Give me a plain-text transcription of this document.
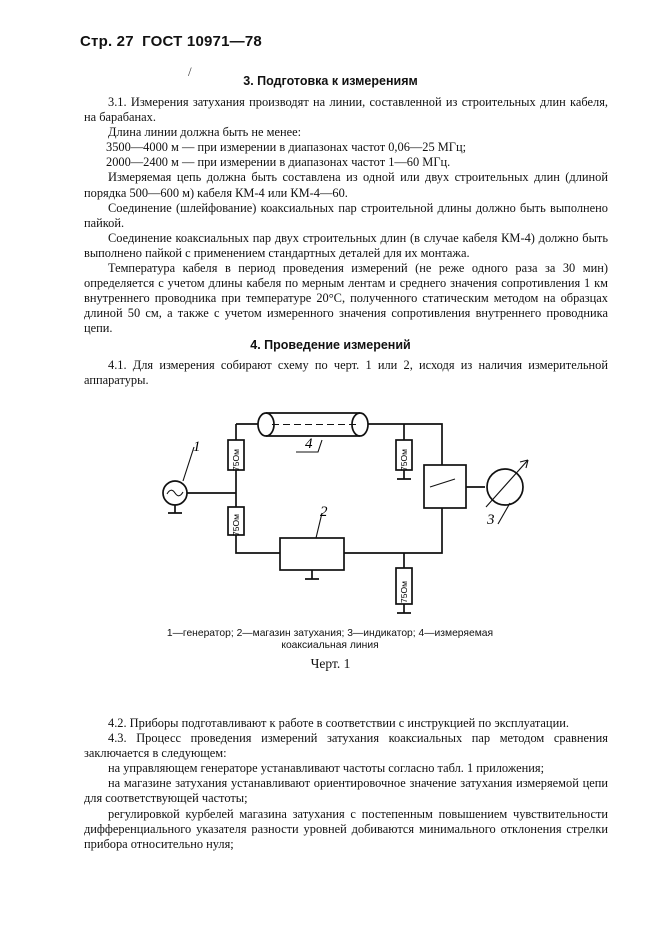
Стр. 27 ГОСТ 10971—78
/
3. Подготовка к измерениям

3.1. Измерения затухания производят на линии, составленной из строительных длин кабеля, на барабанах.

Длина линии должна быть не менее:

3500—4000 м — при измерении в диапазонах частот 0,06—25 МГц;

2000—2400 м — при измерении в диапазонах частот 1—60 МГц.

Измеряемая цепь должна быть составлена из одной или двух строительных длин (длиной порядка 500—600 м) кабеля КМ-4 или КМ-4—60.

Соединение (шлейфование) коаксиальных пар строительной длины должно быть выполнено пайкой.

Соединение коаксиальных пар двух строительных длин (в случае кабеля КМ-4) должно быть выполнено пайкой с применением стандартных деталей для их монтажа.

Температура кабеля в период проведения измерений (не реже одного раза за 30 мин) определяется с учетом длины кабеля по мерным лентам и среднего значения сопротивления 1 км внутреннего проводника при температуре 20°С, полученного статическим методом на образцах длиной 50 см, а также с учетом измеренного значения сопротивления внутреннего проводника цепи.

4. Проведение измерений

4.1. Для измерения собирают схему по черт. 1 или 2, исходя из наличия измерительной аппаратуры.

75Ом
75Ом
75Ом
75Ом
1	4
2	3
1—генератор; 2—магазин затухания; 3—индикатор; 4—измеряемая коаксиальная линия
Черт. 1

4.2. Приборы подготавливают к работе в соответствии с инструкцией по эксплуатации.

4.3. Процесс проведения измерений затухания коаксиальных пар методом сравнения заключается в следующем:

на управляющем генераторе устанавливают частоты согласно табл. 1 приложения;

на магазине затухания устанавливают ориентировочное значение затухания измеряемой цепи для соответствующей частоты;

регулировкой курбелей магазина затухания с постепенным повышением чувствительности дифференциального указателя разности уровней добиваются минимального отклонения стрелки прибора относительно нуля;
